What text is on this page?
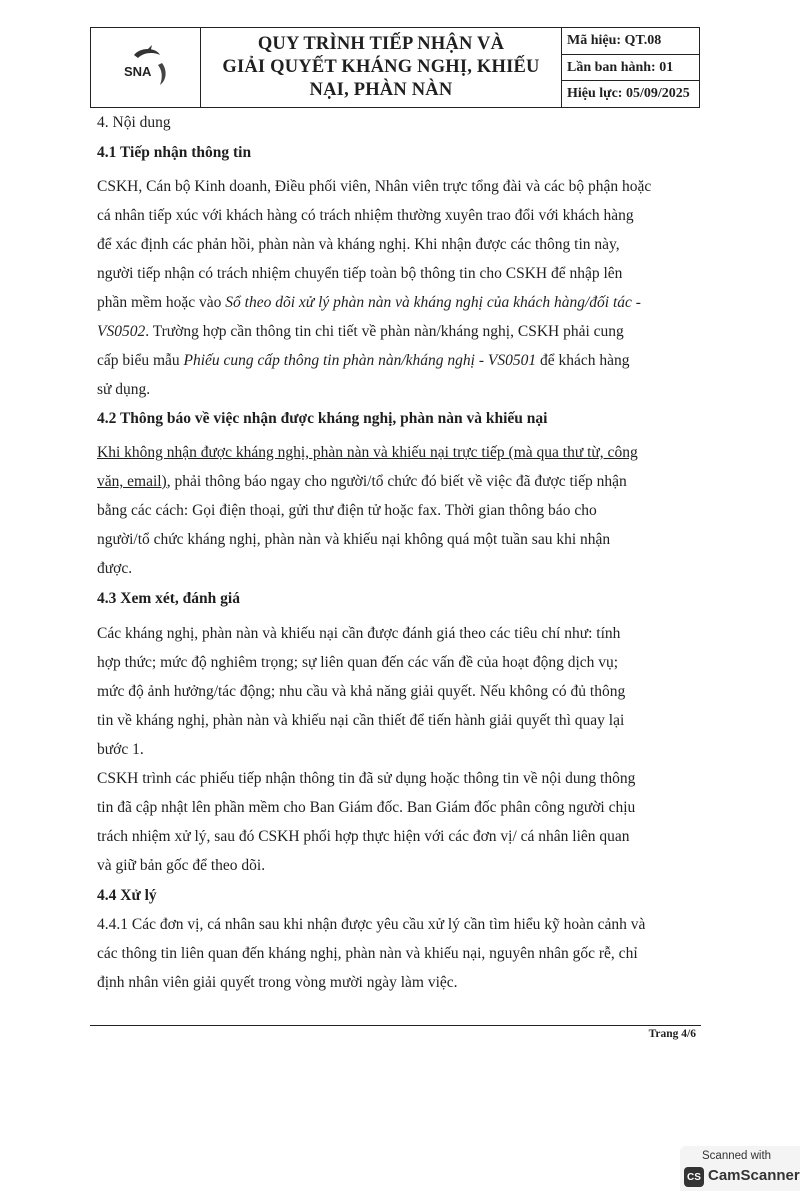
SNA
QUY TRÌNH TIẾP NHẬN VÀ
GIẢI QUYẾT KHÁNG NGHỊ, KHIẾU
NẠI, PHÀN NÀN
Mã hiệu: QT.08
Lần ban hành: 01
Hiệu lực: 05/09/2025
4. Nội dung
4.1 Tiếp nhận thông tin
CSKH, Cán bộ Kinh doanh, Điều phối viên, Nhân viên trực tổng đài và các bộ phận hoặc
cá nhân tiếp xúc với khách hàng có trách nhiệm thường xuyên trao đổi với khách hàng
để xác định các phản hồi, phàn nàn và kháng nghị. Khi nhận được các thông tin này,
người tiếp nhận có trách nhiệm chuyển tiếp toàn bộ thông tin cho CSKH để nhập lên
phần mềm hoặc vào Sổ theo dõi xử lý phàn nàn và kháng nghị của khách hàng/đối tác -
VS0502. Trường hợp cần thông tin chi tiết về phàn nàn/kháng nghị, CSKH phải cung
cấp biểu mẫu Phiếu cung cấp thông tin phàn nàn/kháng nghị - VS0501 để khách hàng
sử dụng.
4.2 Thông báo về việc nhận được kháng nghị, phàn nàn và khiếu nại
Khi không nhận được kháng nghị, phàn nàn và khiếu nại trực tiếp (mà qua thư từ, công
văn, email), phải thông báo ngay cho người/tổ chức đó biết về việc đã được tiếp nhận
bằng các cách: Gọi điện thoại, gửi thư điện tử hoặc fax. Thời gian thông báo cho
người/tổ chức kháng nghị, phàn nàn và khiếu nại không quá một tuần sau khi nhận
được.
4.3 Xem xét, đánh giá
Các kháng nghị, phàn nàn và khiếu nại cần được đánh giá theo các tiêu chí như: tính
hợp thức; mức độ nghiêm trọng; sự liên quan đến các vấn đề của hoạt động dịch vụ;
mức độ ảnh hưởng/tác động; nhu cầu và khả năng giải quyết. Nếu không có đủ thông
tin về kháng nghị, phàn nàn và khiếu nại cần thiết để tiến hành giải quyết thì quay lại
bước 1.
CSKH trình các phiếu tiếp nhận thông tin đã sử dụng hoặc thông tin về nội dung thông
tin đã cập nhật lên phần mềm cho Ban Giám đốc. Ban Giám đốc phân công người chịu
trách nhiệm xử lý, sau đó CSKH phối hợp thực hiện với các đơn vị/ cá nhân liên quan
và giữ bản gốc để theo dõi.
4.4 Xử lý
4.4.1 Các đơn vị, cá nhân sau khi nhận được yêu cầu xử lý cần tìm hiểu kỹ hoàn cảnh và
các thông tin liên quan đến kháng nghị, phàn nàn và khiếu nại, nguyên nhân gốc rễ, chỉ
định nhân viên giải quyết trong vòng mười ngày làm việc.
Trang 4/6
Scanned with
CS CamScanner
